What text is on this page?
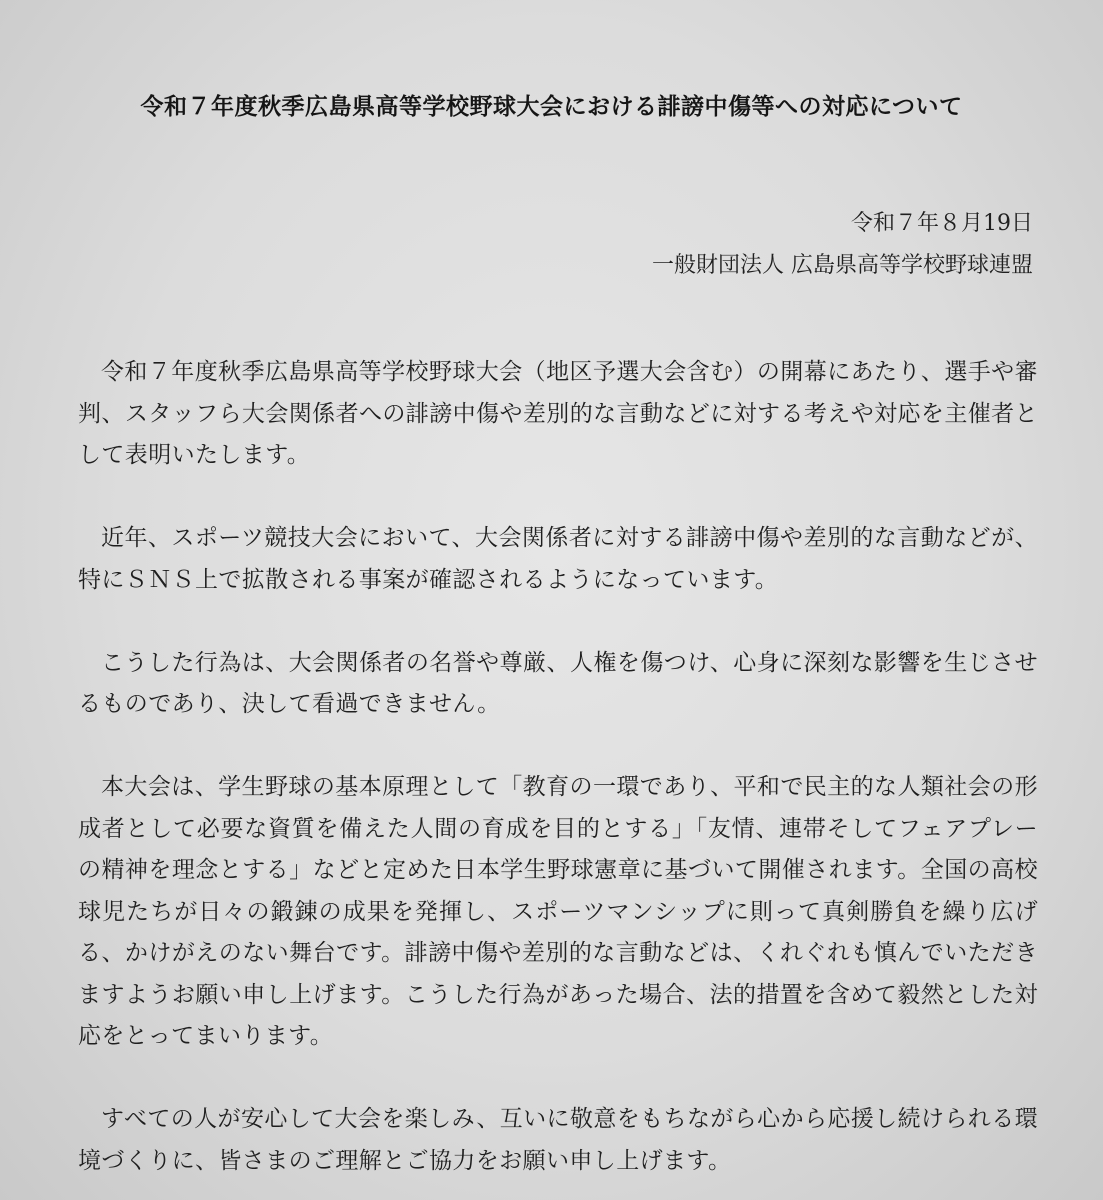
令和７年度秋季広島県高等学校野球大会における誹謗中傷等への対応について
令和７年８月19日
一般財団法人 広島県高等学校野球連盟

令和７年度秋季広島県高等学校野球大会（地区予選大会含む）の開幕にあたり、選手や審判、スタッフら大会関係者への誹謗中傷や差別的な言動などに対する考えや対応を主催者として表明いたします。

近年、スポーツ競技大会において、大会関係者に対する誹謗中傷や差別的な言動などが、特にＳＮＳ上で拡散される事案が確認されるようになっています。

こうした行為は、大会関係者の名誉や尊厳、人権を傷つけ、心身に深刻な影響を生じさせるものであり、決して看過できません。

本大会は、学生野球の基本原理として「教育の一環であり、平和で民主的な人類社会の形成者として必要な資質を備えた人間の育成を目的とする」「友情、連帯そしてフェアプレーの精神を理念とする」などと定めた日本学生野球憲章に基づいて開催されます。全国の高校球児たちが日々の鍛錬の成果を発揮し、スポーツマンシップに則って真剣勝負を繰り広げる、かけがえのない舞台です。誹謗中傷や差別的な言動などは、くれぐれも慎んでいただきますようお願い申し上げます。こうした行為があった場合、法的措置を含めて毅然とした対応をとってまいります。

すべての人が安心して大会を楽しみ、互いに敬意をもちながら心から応援し続けられる環境づくりに、皆さまのご理解とご協力をお願い申し上げます。
